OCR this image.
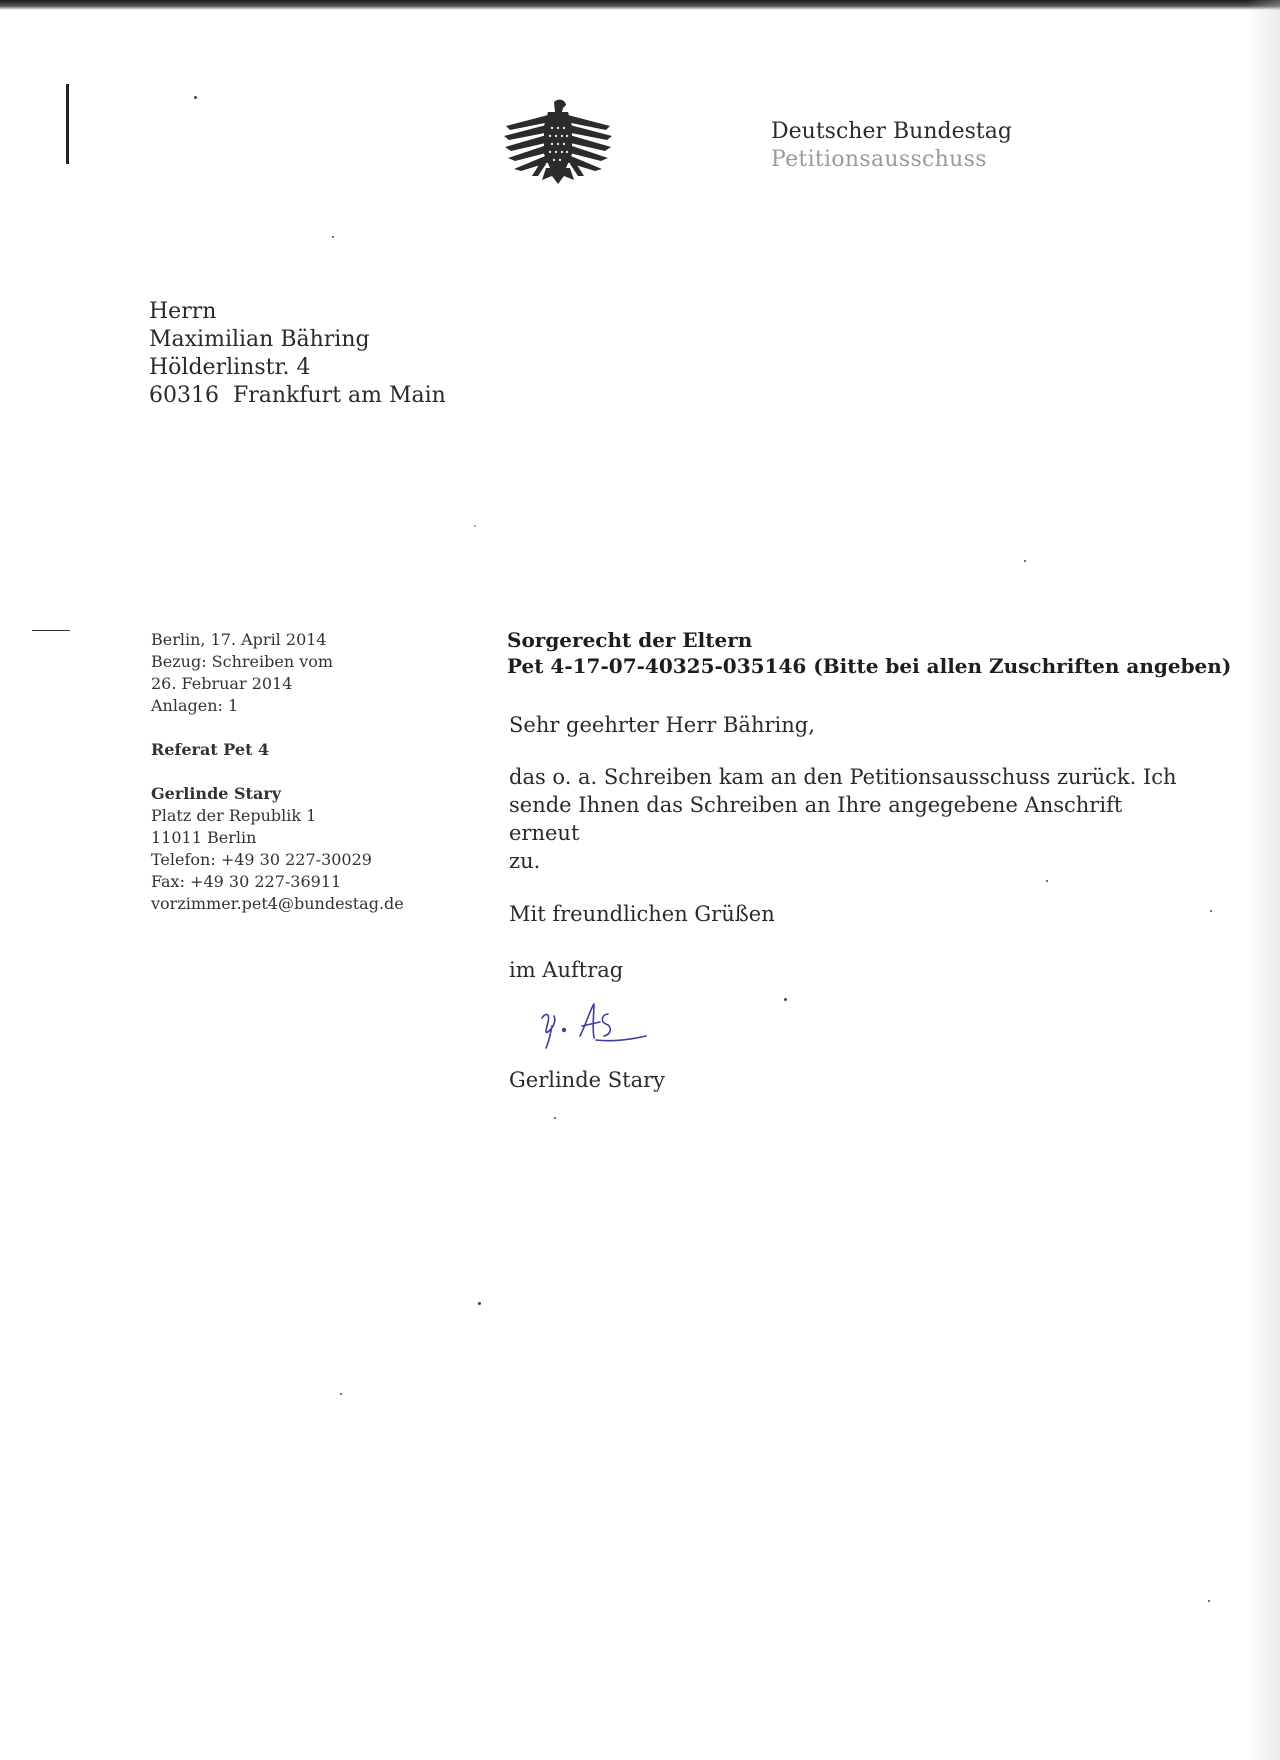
Deutscher Bundestag
Petitionsausschuss
Herrn
Maximilian Bähring
Hölderlinstr. 4
60316  Frankfurt am Main
Berlin, 17. April 2014
Bezug: Schreiben vom
26. Februar 2014
Anlagen: 1
Referat Pet 4
Gerlinde Stary
Platz der Republik 1
11011 Berlin
Telefon: +49 30 227-30029
Fax: +49 30 227-36911
vorzimmer.pet4@bundestag.de
Sorgerecht der Eltern
Pet 4-17-07-40325-035146 (Bitte bei allen Zuschriften angeben)
Sehr geehrter Herr Bähring,
das o. a. Schreiben kam an den Petitionsausschuss zurück. Ich
sende Ihnen das Schreiben an Ihre angegebene Anschrift erneut
zu.
Mit freundlichen Grüßen
im Auftrag
Gerlinde Stary
